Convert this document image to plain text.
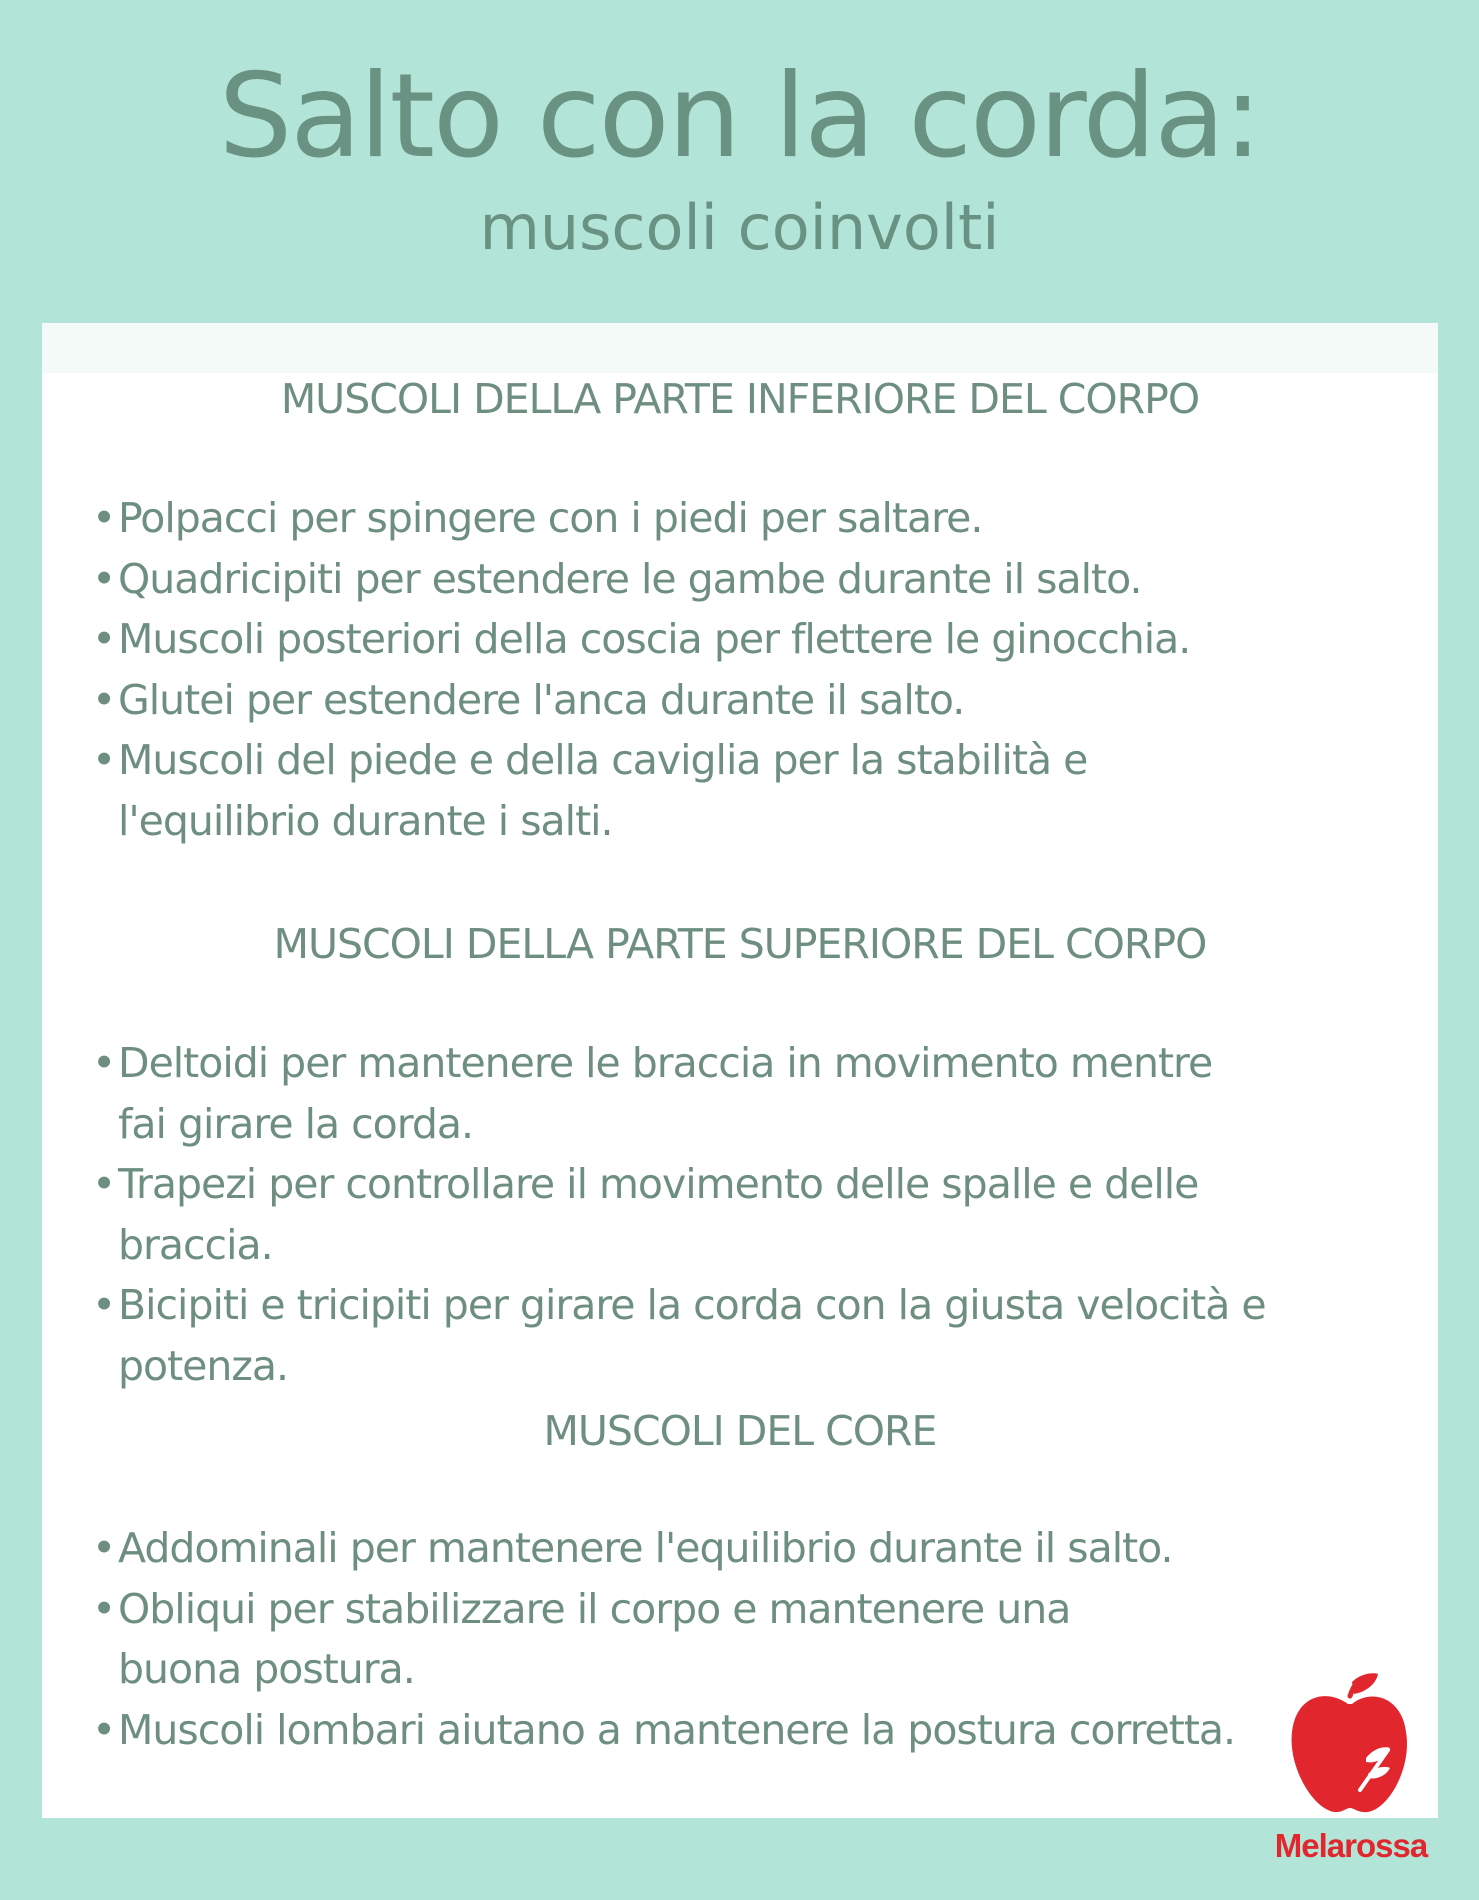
Salto con la corda:
muscoli coinvolti
MUSCOLI DELLA PARTE INFERIORE DEL CORPO
• Polpacci per spingere con i piedi per saltare.
• Quadricipiti per estendere le gambe durante il salto.
• Muscoli posteriori della coscia per flettere le ginocchia.
• Glutei per estendere l'anca durante il salto.
• Muscoli del piede e della caviglia per la stabilità e l'equilibrio durante i salti.
MUSCOLI DELLA PARTE SUPERIORE DEL CORPO
• Deltoidi per mantenere le braccia in movimento mentre fai girare la corda.
• Trapezi per controllare il movimento delle spalle e delle braccia.
• Bicipiti e tricipiti per girare la corda con la giusta velocità e potenza.
MUSCOLI DEL CORE
• Addominali per mantenere l'equilibrio durante il salto.
• Obliqui per stabilizzare il corpo e mantenere una buona postura.
• Muscoli lombari aiutano a mantenere la postura corretta.
Melarossa
